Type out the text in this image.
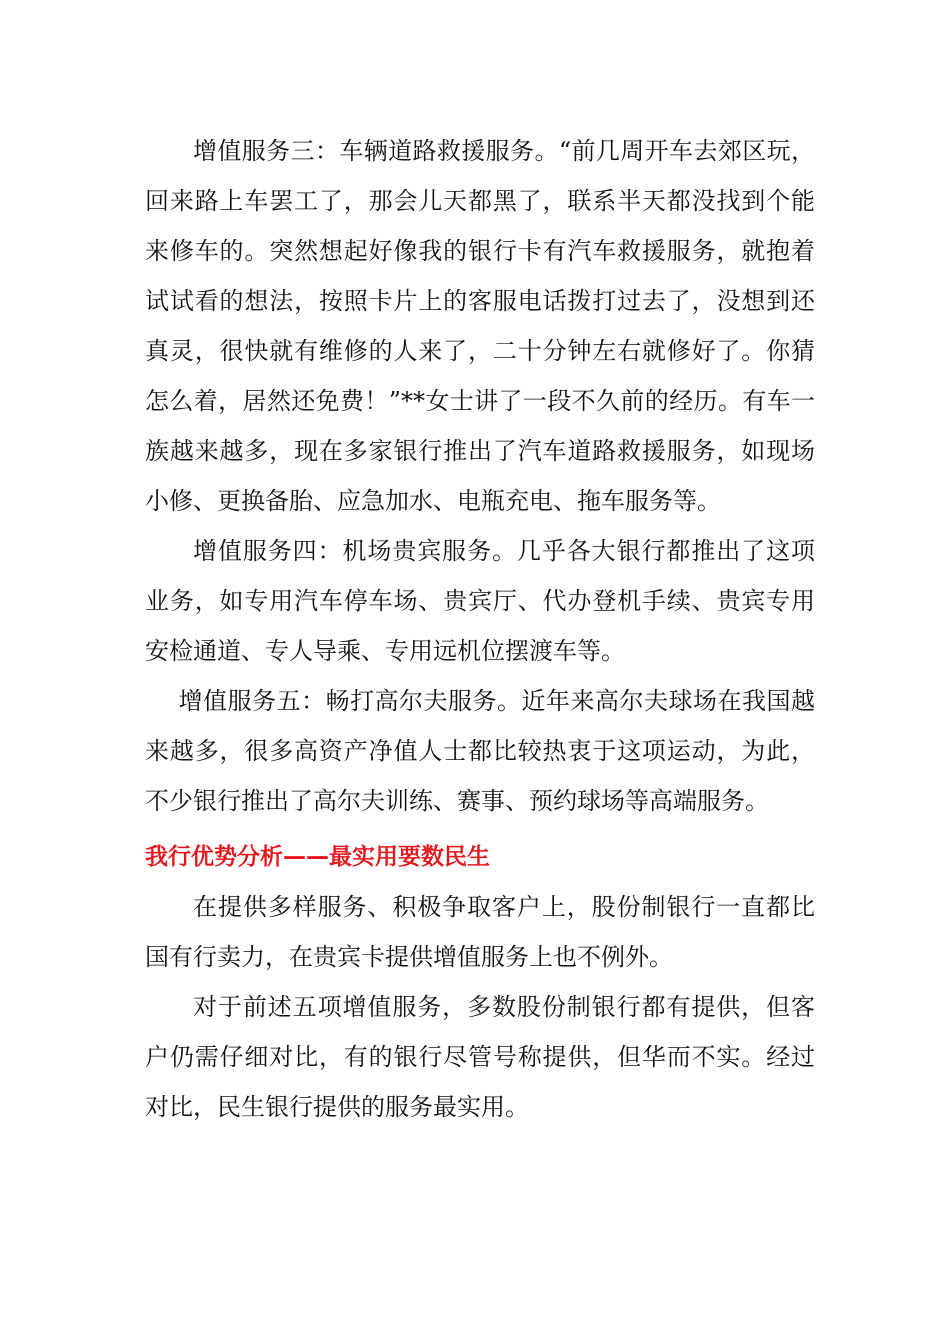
增值服务三：车辆道路救援服务。“前几周开车去郊区玩，回来路上车罢工了，那会儿天都黑了，联系半天都没找到个能来修车的。突然想起好像我的银行卡有汽车救援服务，就抱着试试看的想法，按照卡片上的客服电话拨打过去了，没想到还真灵，很快就有维修的人来了，二十分钟左右就修好了。你猜怎么着，居然还免费！”**女士讲了一段不久前的经历。有车一族越来越多，现在多家银行推出了汽车道路救援服务，如现场小修、更换备胎、应急加水、电瓶充电、拖车服务等。

增值服务四：机场贵宾服务。几乎各大银行都推出了这项业务，如专用汽车停车场、贵宾厅、代办登机手续、贵宾专用安检通道、专人导乘、专用远机位摆渡车等。

增值服务五：畅打高尔夫服务。近年来高尔夫球场在我国越来越多，很多高资产净值人士都比较热衷于这项运动，为此，不少银行推出了高尔夫训练、赛事、预约球场等高端服务。

我行优势分析——最实用要数民生

在提供多样服务、积极争取客户上，股份制银行一直都比国有行卖力，在贵宾卡提供增值服务上也不例外。

对于前述五项增值服务，多数股份制银行都有提供，但客户仍需仔细对比，有的银行尽管号称提供，但华而不实。经过对比，民生银行提供的服务最实用。
